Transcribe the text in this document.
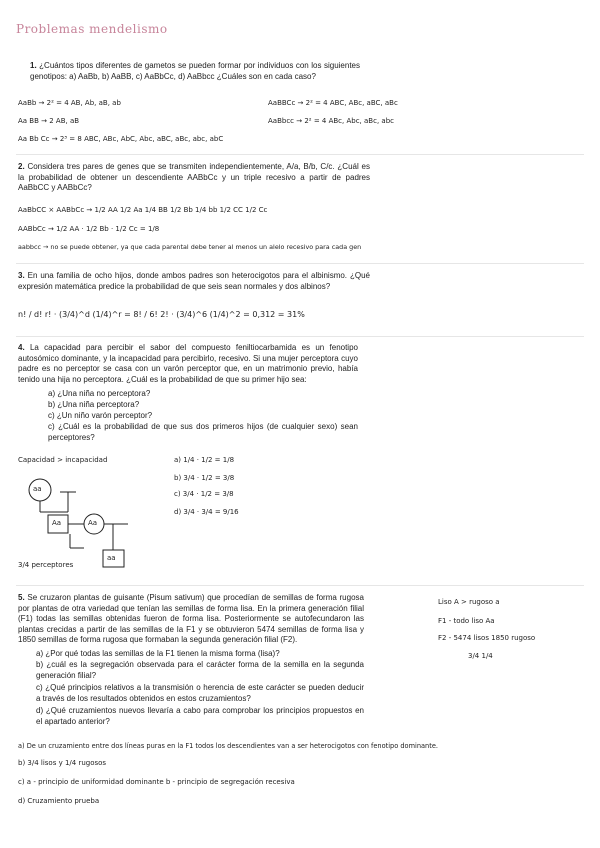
Problemas mendelismo
1. ¿Cuántos tipos diferentes de gametos se pueden formar por individuos con los siguientes genotipos: a) AaBb, b) AaBB, c) AaBbCc, d) AaBbcc ¿Cuáles son en cada caso?
AaBb → 2² = 4 AB, Ab, aB, ab
Aa BB → 2 AB, aB
Aa Bb Cc → 2³ = 8 ABC, ABc, AbC, Abc, aBC, aBc, abc, abC
AaBBCc → 2² = 4 ABC, ABc, aBC, aBc
AaBbcc → 2² = 4 ABc, Abc, aBc, abc
2. Considera tres pares de genes que se transmiten independientemente, A/a, B/b, C/c. ¿Cuál es la probabilidad de obtener un descendiente AABbCc y un triple recesivo a partir de padres AaBbCC y AABbCc?
AaBbCC × AABbCc → 1/2 AA 1/2 Aa 1/4 BB 1/2 Bb 1/4 bb 1/2 CC 1/2 Cc
AABbCc → 1/2 AA · 1/2 Bb · 1/2 Cc = 1/8
aabbcc → no se puede obtener, ya que cada parental debe tener al menos un alelo recesivo para cada gen
3. En una familia de ocho hijos, donde ambos padres son heterocigotos para el albinismo. ¿Qué expresión matemática predice la probabilidad de que seis sean normales y dos albinos?
n! / d! r! · (3/4)^d (1/4)^r = 8! / 6! 2! · (3/4)^6 (1/4)^2 = 0,312 = 31%
4. La capacidad para percibir el sabor del compuesto feniltiocarbamida es un fenotipo autosómico dominante, y la incapacidad para percibirlo, recesivo. Si una mujer perceptora cuyo padre es no perceptor se casa con un varón perceptor que, en un matrimonio previo, había tenido una hija no perceptora. ¿Cuál es la probabilidad de que su primer hijo sea:
a) ¿Una niña no perceptora?
b) ¿Una niña perceptora?
c) ¿Un niño varón perceptor?
c) ¿Cuál es la probabilidad de que sus dos primeros hijos (de cualquier sexo) sean perceptores?
Capacidad > incapacidad	a) 1/4 · 1/2 = 1/8
b) 3/4 · 1/2 = 3/8
c) 3/4 · 1/2 = 3/8
d) 3/4 · 3/4 = 9/16
aa
Aa	Aa
aa
3/4 perceptores
5. Se cruzaron plantas de guisante (Pisum sativum) que procedían de semillas de forma rugosa por plantas de otra variedad que tenían las semillas de forma lisa. En la primera generación filial (F1) todas las semillas obtenidas fueron de forma lisa. Posteriormente se autofecundaron las plantas crecidas a partir de las semillas de la F1 y se obtuvieron 5474 semillas de forma lisa y 1850 semillas de forma rugosa que formaban la segunda generación filial (F2).
a) ¿Por qué todas las semillas de la F1 tienen la misma forma (lisa)?
b) ¿cuál es la segregación observada para el carácter forma de la semilla en la segunda generación filial?
c) ¿Qué principios relativos a la transmisión o herencia de este carácter se pueden deducir a través de los resultados obtenidos en estos cruzamientos?
d) ¿Qué cruzamientos nuevos llevaría a cabo para comprobar los principios propuestos en el apartado anterior?
Liso A > rugoso a
F1 - todo liso Aa
F2 - 5474 lisos 1850 rugoso
3/4 1/4
a) De un cruzamiento entre dos líneas puras en la F1 todos los descendientes van a ser heterocigotos con fenotipo dominante.
b) 3/4 lisos y 1/4 rugosos
c) a - principio de uniformidad dominante b - principio de segregación recesiva
d) Cruzamiento prueba
